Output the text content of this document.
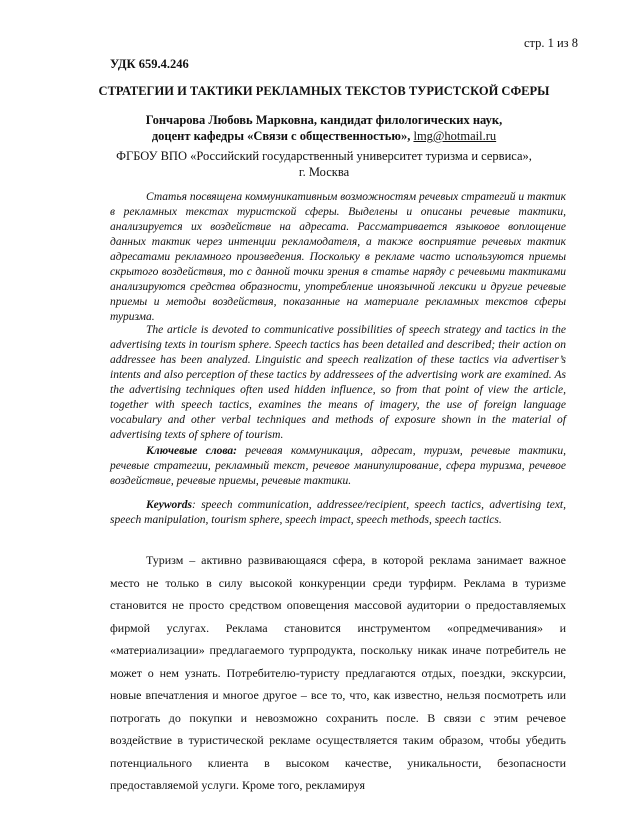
стр. 1 из 8
УДК 659.4.246
СТРАТЕГИИ И ТАКТИКИ РЕКЛАМНЫХ ТЕКСТОВ ТУРИСТСКОЙ СФЕРЫ
Гончарова Любовь Марковна, кандидат филологических наук,
доцент кафедры «Связи с общественностью», lmg@hotmail.ru
ФГБОУ ВПО «Российский государственный университет туризма и сервиса»,
г. Москва

Статья посвящена коммуникативным возможностям речевых стратегий и тактик в рекламных текстах туристской сферы. Выделены и описаны речевые тактики, анализируется их воздействие на адресата. Рассматривается языковое воплощение данных тактик через интенции рекламодателя, а также восприятие речевых тактик адресатами рекламного произведения. Поскольку в рекламе часто используются приемы скрытого воздействия, то с данной точки зрения в статье наряду с речевыми тактиками анализируются средства образности, употребление иноязычной лексики и другие речевые приемы и методы воздействия, показанные на материале рекламных текстов сферы туризма.

The article is devoted to communicative possibilities of speech strategy and tactics in the advertising texts in tourism sphere. Speech tactics has been detailed and described; their action on addressee has been analyzed. Linguistic and speech realization of these tactics via advertiser’s intents and also perception of these tactics by addressees of the advertising work are examined. As the advertising techniques often used hidden influence, so from that point of view the article, together with speech tactics, examines the means of imagery, the use of foreign language vocabulary and other verbal techniques and methods of exposure shown in the material of advertising texts of sphere of tourism.

Ключевые слова: речевая коммуникация, адресат, туризм, речевые тактики, речевые стратегии, рекламный текст, речевое манипулирование, сфера туризма, речевое воздействие, речевые приемы, речевые тактики.

Keywords: speech communication, addressee/recipient, speech tactics, advertising text, speech manipulation, tourism sphere, speech impact, speech methods, speech tactics.

Туризм – активно развивающаяся сфера, в которой реклама занимает важное место не только в силу высокой конкуренции среди турфирм. Реклама в туризме становится не просто средством оповещения массовой аудитории о предоставляемых фирмой услугах. Реклама становится инструментом «опредмечивания» и «материализации» предлагаемого турпродукта, поскольку никак иначе потребитель не может о нем узнать. Потребителю-туристу предлагаются отдых, поездки, экскурсии, новые впечатления и многое другое – все то, что, как известно, нельзя посмотреть или потрогать до покупки и невозможно сохранить после. В связи с этим речевое воздействие в туристической рекламе осуществляется таким образом, чтобы убедить потенциального клиента в высоком качестве, уникальности, безопасности предоставляемой услуги. Кроме того, рекламируя
